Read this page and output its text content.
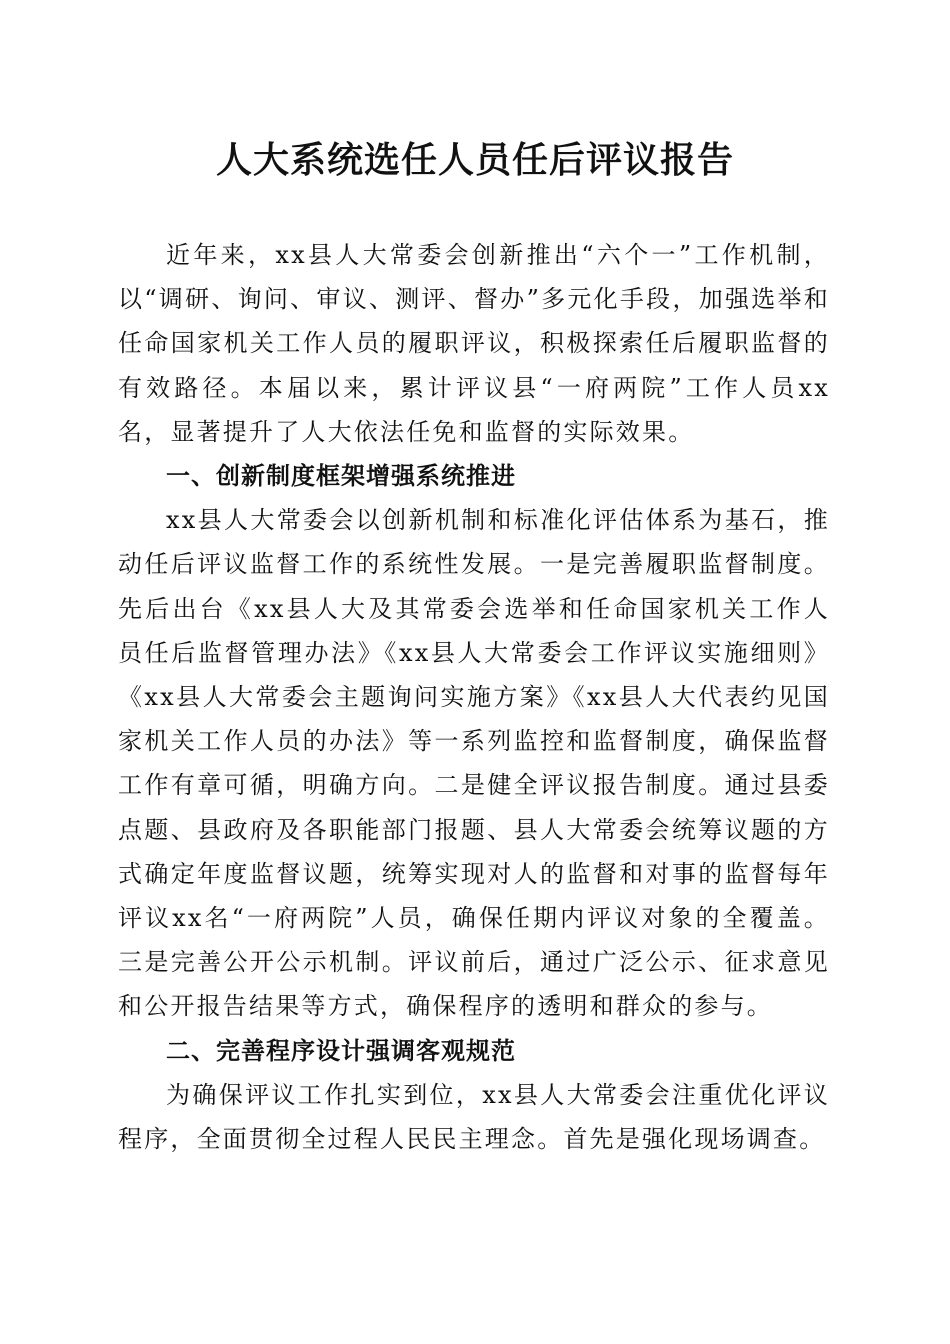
人大系统选任人员任后评议报告

近年来，xx县人大常委会创新推出“六个一”工作机制，以“调研、询问、审议、测评、督办”多元化手段，加强选举和任命国家机关工作人员的履职评议，积极探索任后履职监督的有效路径。本届以来，累计评议县“一府两院”工作人员xx名，显著提升了人大依法任免和监督的实际效果。

一、创新制度框架增强系统推进

xx县人大常委会以创新机制和标准化评估体系为基石，推动任后评议监督工作的系统性发展。一是完善履职监督制度。先后出台《xx县人大及其常委会选举和任命国家机关工作人员任后监督管理办法》《xx县人大常委会工作评议实施细则》《xx县人大常委会主题询问实施方案》《xx县人大代表约见国家机关工作人员的办法》等一系列监控和监督制度，确保监督工作有章可循，明确方向。二是健全评议报告制度。通过县委点题、县政府及各职能部门报题、县人大常委会统筹议题的方式确定年度监督议题，统筹实现对人的监督和对事的监督每年评议xx名“一府两院”人员，确保任期内评议对象的全覆盖。三是完善公开公示机制。评议前后，通过广泛公示、征求意见和公开报告结果等方式，确保程序的透明和群众的参与。

二、完善程序设计强调客观规范

为确保评议工作扎实到位，xx县人大常委会注重优化评议程序，全面贯彻全过程人民民主理念。首先是强化现场调查。
